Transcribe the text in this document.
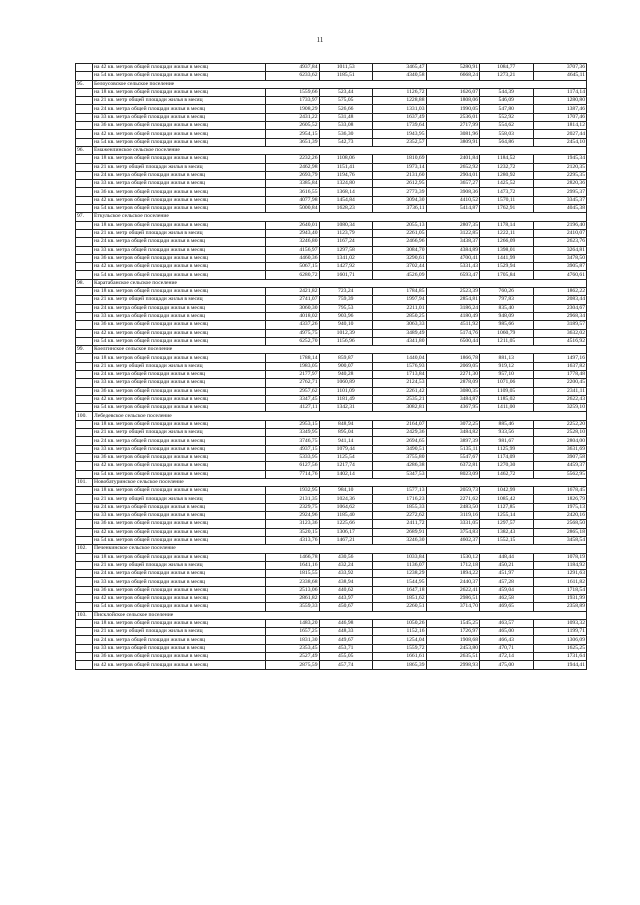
11
	на 42 кв. метров общей площади жилья в месяц	4937,84	1011,53	3465,47	5280,91	1084,77	3707,36
	на 54 кв. метров общей площади жилья в месяц	6233,62	1185,51	4340,58	6668,24	1273,21	4645,11
95.	Белоусовское сельское поселение						
	на 18 кв. метров общей площади жилья в месяц	1559,66	523,44	1126,72	1626,07	544,39	1174,14
	на 21 кв. метр общей площади жилья в месяц	1733,97	575,05	1228,88	1808,06	546,09	1280,80
	на 24 кв. метра общей площади жилья в месяц	1908,29	526,66	1331,03	1990,05	547,80	1387,46
	на 33 кв. метра общей площади жилья в месяц	2431,22	531,48	1637,49	2536,01	552,92	1707,46
	на 36 кв. метров общей площади жилья в месяц	2605,52	533,08	1739,64	2717,99	554,62	1814,12
	на 42 кв. метров общей площади жилья в месяц	2954,15	536,30	1943,95	3081,96	558,03	2027,44
	на 54 кв. метров общей площади жилья в месяц	3651,39	542,73	2352,57	3809,91	564,86	2454,10
96.	Емаженлинское сельское поселение						
	на 18 кв. метров общей площади жилья в месяц	2232,26	1108,06	1810,69	2401,84	1184,52	1945,34
	на 21 кв. метр общей площади жилья в месяц	2462,98	1151,41	1973,14	2652,92	1232,72	2120,35
	на 24 кв. метра общей площади жилья в месяц	2693,79	1194,76	2131,60	2904,01	1280,92	2295,35
	на 33 кв. метра общей площади жилья в месяц	3385,84	1324,80	2612,95	3657,27	1425,52	2820,36
	на 36 кв. метров общей площади жилья в месяц	3616,55	1368,14	2773,39	3908,36	1473,72	2995,37
	на 42 кв. метров общей площади жилья в месяц	4077,98	1454,84	3094,30	4410,52	1570,11	3345,37
	на 54 кв. метров общей площади жилья в месяц	5000,84	1628,23	3736,11	5414,87	1762,91	4045,38
97.	Еткульское сельское поселение						
	на 18 кв. метров общей площади жилья в месяц	2640,01	1080,34	2055,13	2807,35	1178,14	2196,40
	на 21 кв. метр общей площади жилья в месяц	2943,40	1123,79	2261,05	3122,85	1222,11	2410,07
	на 24 кв. метра общей площади жилья в месяц	3246,80	1167,24	2466,96	3438,37	1266,09	2623,76
	на 33 кв. метра общей площади жилья в месяц	4156,97	1297,58	3084,70	4384,89	1398,01	3264,81
	на 36 кв. метров общей площади жилья в месяц	4460,36	1341,02	3290,61	4700,41	1441,99	3478,50
	на 42 кв. метров общей площади жилья в месяц	5067,15	1427,92	3702,44	5331,43	1529,94	3905,87
	на 54 кв. метров общей площади жилья в месяц	6280,72	1601,71	4526,09	6593,47	1705,84	4760,61
98.	Каратабанское сельское поселение						
	на 18 кв. метров общей площади жилья в месяц	2421,82	723,24	1784,85	2523,39	760,26	1862,22
	на 21 кв. метр общей площади жилья в месяц	2741,07	759,39	1997,94	2854,81	797,83	2083,44
	на 24 кв. метра общей площади жилья в месяц	3060,30	795,53	2211,01	3186,24	835,40	2304,67
	на 33 кв. метра общей площади жилья в месяц	4018,02	903,96	2850,25	4180,49	948,09	2968,34
	на 36 кв. метров общей площади жилья в месяц	4337,26	940,10	3063,33	4511,92	985,66	3189,57
	на 42 кв. метров общей площади жилья в месяц	4975,75	1012,39	3489,49	5174,76	1060,79	3632,02
	на 54 кв. метров общей площади жилья в месяц	6252,70	1156,96	4341,80	6500,44	1211,05	4516,92
99.	Коелгинское сельское поселение						
	на 18 кв. метров общей площади жилья в месяц	1788,14	859,87	1440,04	1866,78	881,13	1497,16
	на 21 кв. метр общей площади жилья в месяц	1983,05	900,07	1576,93	2069,05	919,12	1637,82
	на 24 кв. метра общей площади жилья в месяц	2177,97	940,28	1713,84	2271,30	957,10	1778,48
	на 33 кв. метра общей площади жилья в месяц	2762,71	1060,89	2124,53	2878,09	1071,06	2200,45
	на 36 кв. метров общей площади жилья в месяц	2957,62	1101,09	2261,42	3080,35	1109,05	2341,11
	на 42 кв. метров общей площади жилья в месяц	3347,45	1181,49	2535,21	3484,87	1185,02	2622,43
	на 54 кв. метров общей площади жилья в месяц	4127,11	1342,31	3082,81	4367,95	1411,00	3259,10
100.	Лебедевское сельское поселение						
	на 18 кв. метров общей площади жилья в месяц	2953,15	848,94	2164,07	3072,25	885,46	2252,20
	на 21 кв. метр общей площади жилья в месяц	3349,95	895,04	2429,36	3484,82	933,56	2528,10
	на 24 кв. метра общей площади жилья в месяц	3746,75	941,14	2694,65	3897,39	981,67	2804,00
	на 33 кв. метра общей площади жилья в месяц	4937,15	1079,44	3490,51	5135,11	1125,99	3631,69
	на 36 кв. метров общей площади жилья в месяц	5333,95	1125,54	3755,80	5547,67	1174,09	3907,58
	на 42 кв. метров общей площади жилья в месяц	6127,56	1217,74	4286,38	6372,81	1270,30	4459,37
	на 54 кв. метров общей площади жилья в месяц	7714,76	1402,14	5347,53	8023,09	1462,72	5562,95
101.	Новобатуринское сельское поселение						
	на 18 кв. метров общей площади жилья в месяц	1932,95	984,10	1577,13	2059,73	1042,99	1678,45
	на 21 кв. метр общей площади жилья в месяц	2131,35	1024,36	1716,23	2271,62	1085,42	1826,79
	на 24 кв. метра общей площади жилья в месяц	2329,75	1064,62	1855,33	2483,50	1127,85	1975,13
	на 33 кв. метра общей площади жилья в месяц	2924,96	1185,40	2272,62	3119,16	1255,14	2420,16
	на 36 кв. метров общей площади жилья в месяц	3123,36	1225,66	2411,72	3331,05	1297,57	2568,50
	на 42 кв. метров общей площади жилья в месяц	3520,15	1306,17	2689,91	3754,83	1382,43	2865,18
	на 54 кв. метров общей площади жилья в месяц	4313,76	1467,21	3246,30	4602,37	1552,15	3458,54
102.	Печенкинское сельское поселение						
	на 18 кв. метров общей площади жилья в месяц	1466,78	430,56	1033,84	1530,12	448,44	1078,19
	на 21 кв. метр общей площади жилья в месяц	1641,16	432,24	1136,07	1712,18	450,21	1184,92
	на 24 кв. метра общей площади жилья в месяц	1815,55	433,92	1238,29	1894,22	451,97	1291,63
	на 33 кв. метра общей площади жилья в месяц	2338,68	438,94	1544,95	2440,37	457,28	1611,82
	на 36 кв. метров общей площади жилья в месяц	2513,06	440,62	1647,18	2622,41	459,04	1718,54
	на 42 кв. метров общей площади жилья в месяц	2861,82	443,97	1851,62	2986,51	462,58	1931,99
	на 54 кв. метров общей площади жилья в месяц	3559,33	450,67	2260,51	3714,70	469,65	2358,89
103.	Писклойское сельское поселение						
	на 18 кв. метров общей площади жилья в месяц	1483,20	446,98	1050,26	1545,25	463,57	1093,32
	на 21 кв. метр общей площади жилья в месяц	1657,25	448,33	1152,16	1726,97	465,00	1199,71
	на 24 кв. метра общей площади жилья в месяц	1831,30	449,67	1254,04	1908,68	466,43	1306,09
	на 33 кв. метра общей площади жилья в месяц	2353,45	453,71	1559,72	2453,80	470,71	1625,25
	на 36 кв. метров общей площади жилья в месяц	2527,49	455,05	1661,61	2635,51	472,14	1731,64
	на 42 кв. метров общей площади жилья в месяц	2875,59	457,74	1865,39	2998,93	475,00	1944,41
